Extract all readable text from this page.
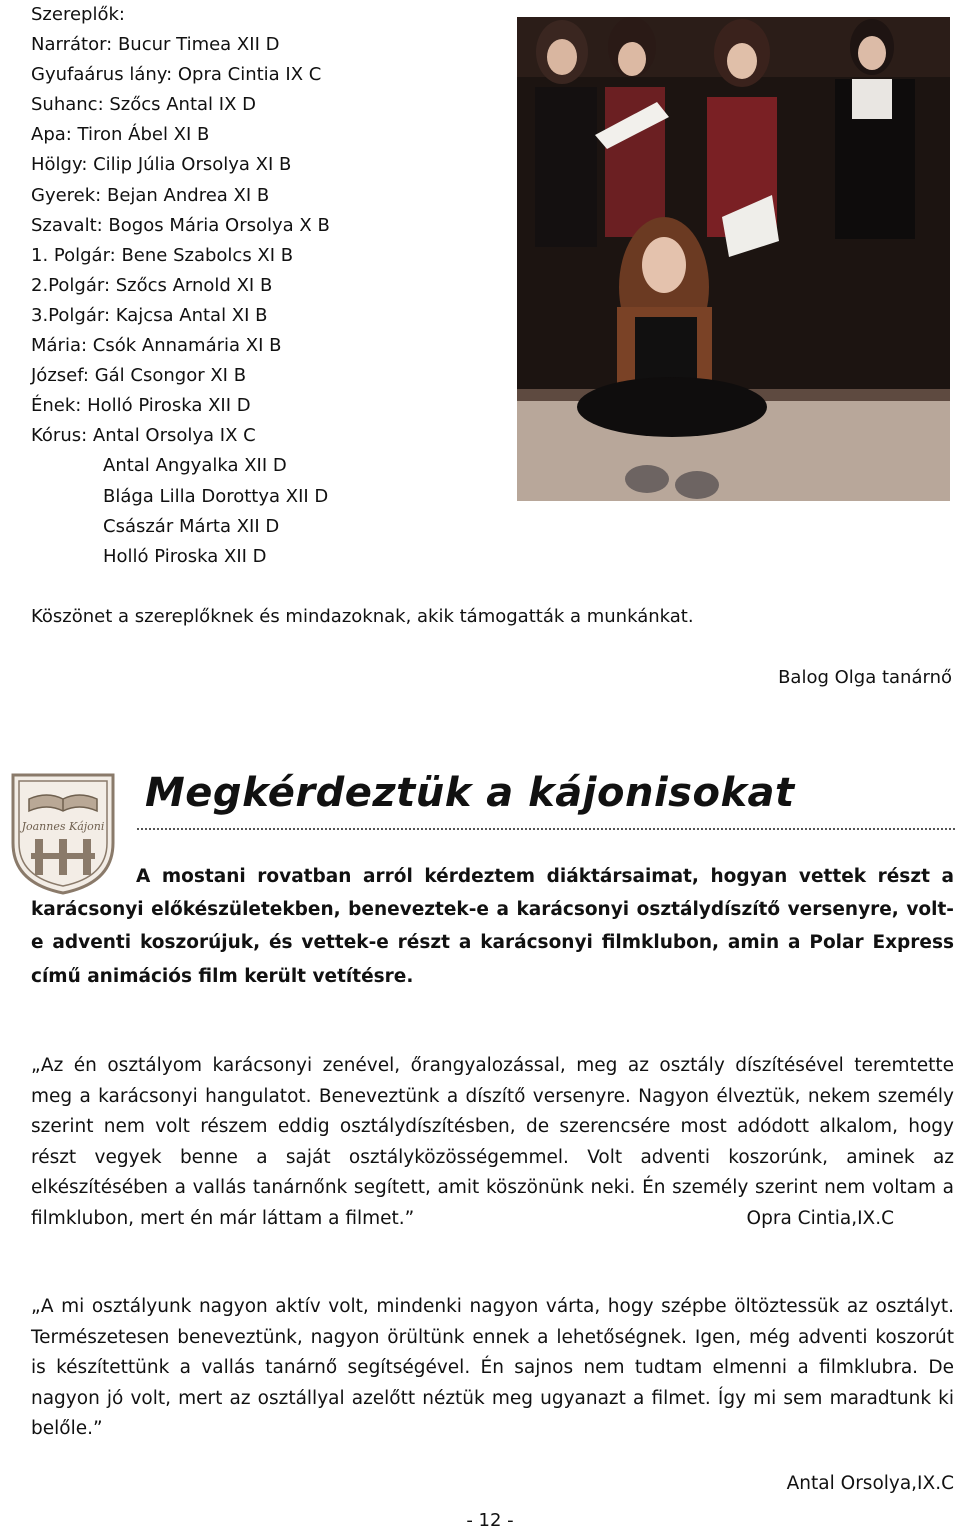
Szereplők:
Narrátor: Bucur Timea XII D
Gyufaárus lány: Opra Cintia IX C
Suhanc: Szőcs Antal IX D
Apa: Tiron Ábel XI B
Hölgy: Cilip Júlia Orsolya XI B
Gyerek: Bejan Andrea XI B
Szavalt: Bogos Mária Orsolya X B
1. Polgár: Bene Szabolcs XI B
2.Polgár: Szőcs Arnold XI B
3.Polgár: Kajcsa Antal XI B
Mária: Csók Annamária XI B
József: Gál Csongor XI B
Ének: Holló Piroska XII D
Kórus: Antal Orsolya IX C
Antal Angyalka XII D
Blága Lilla Dorottya XII D
Császár Márta XII D
Holló Piroska XII D
Köszönet a szereplőknek és mindazoknak, akik támogatták a munkánkat.
Balog Olga tanárnő
Joannes Kájoni
Megkérdeztük a kájonisokat

A mostani rovatban arról kérdeztem diáktársaimat, hogyan vettek részt a karácsonyi előkészületekben, beneveztek-e a karácsonyi osztálydíszítő versenyre, volt-e adventi koszorújuk, és vettek-e részt a karácsonyi filmklubon, amin a Polar Express című animációs film került vetítésre.

„Az én osztályom karácsonyi zenével, őrangyalozással, meg az osztály díszítésével teremtette meg a karácsonyi hangulatot. Beneveztünk a díszítő versenyre. Nagyon élveztük, nekem személy szerint nem volt részem eddig osztálydíszítésben, de szerencsére most adódott alkalom, hogy részt vegyek benne a saját osztályközösségemmel. Volt adventi koszorúnk, aminek az elkészítésében a vallás tanárnőnk segített, amit köszönünk neki. Én személy szerint nem voltam a filmklubon, mert én már láttam a filmet.”	Opra Cintia,IX.C

„A mi osztályunk nagyon aktív volt, mindenki nagyon várta, hogy szépbe öltöztessük az osztályt. Természetesen beneveztünk, nagyon örültünk ennek a lehetőségnek. Igen, még adventi koszorút is készítettünk a vallás tanárnő segítségével. Én sajnos nem tudtam elmenni a filmklubra. De nagyon jó volt, mert az osztállyal azelőtt néztük meg ugyanazt a filmet. Így mi sem maradtunk ki belőle.”

Antal Orsolya,IX.C
- 12 -
